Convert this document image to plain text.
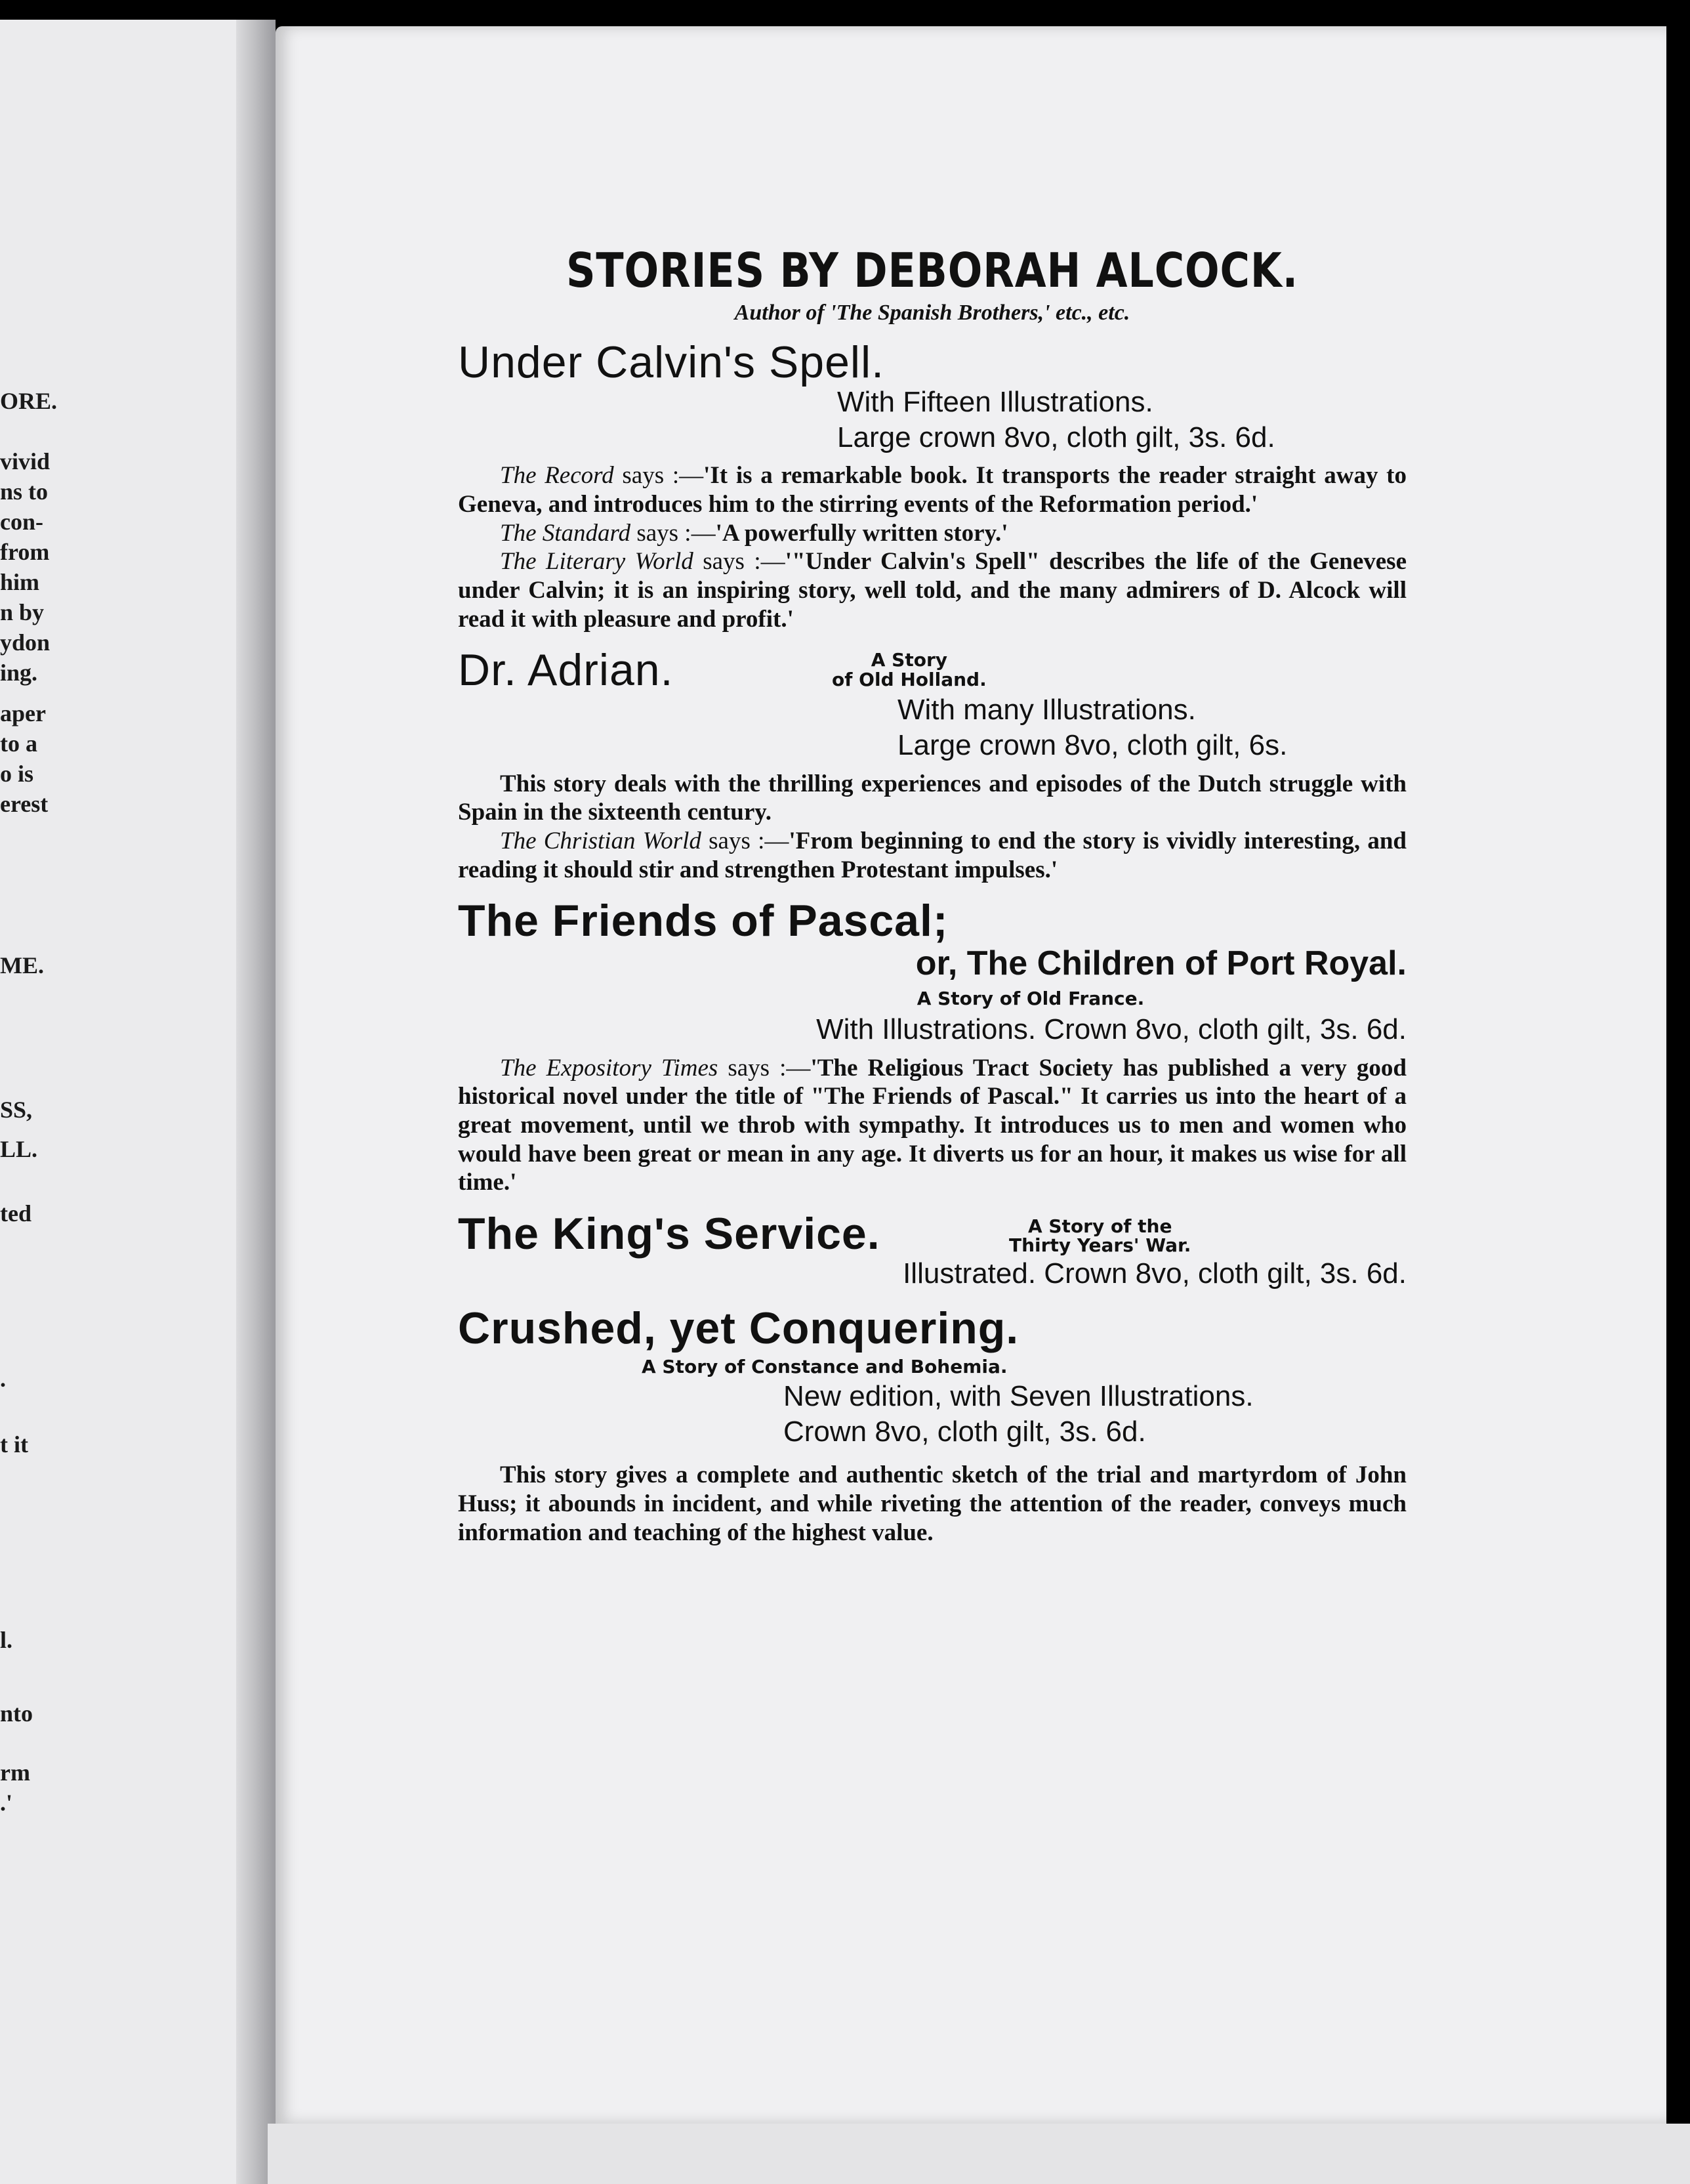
ORE.
vivid
ns to
con-
from
him
n by
ydon
ing.
aper
to a
o is
erest
ME.
SS,
LL.
ted
.
t it
l.
nto
rm
.'
STORIES BY DEBORAH ALCOCK.
Author of 'The Spanish Brothers,' etc., etc.
Under Calvin's Spell.
With Fifteen Illustrations.
Large crown 8vo, cloth gilt, 3s. 6d.

The Record says :—'It is a remarkable book. It transports the reader straight away to Geneva, and introduces him to the stirring events of the Reformation period.'

The Standard says :—'A powerfully written story.'

The Literary World says :—'"Under Calvin's Spell" describes the life of the Genevese under Calvin; it is an inspiring story, well told, and the many admirers of D. Alcock will read it with pleasure and profit.'

Dr. Adrian.	A Story
of Old Holland.
With many Illustrations.
Large crown 8vo, cloth gilt, 6s.

This story deals with the thrilling experiences and episodes of the Dutch struggle with Spain in the sixteenth century.

The Christian World says :—'From beginning to end the story is vividly interesting, and reading it should stir and strengthen Protestant impulses.'

The Friends of Pascal;
or, The Children of Port Royal.
A Story of Old France.
With Illustrations. Crown 8vo, cloth gilt, 3s. 6d.

The Expository Times says :—'The Religious Tract Society has published a very good historical novel under the title of "The Friends of Pascal." It carries us into the heart of a great movement, until we throb with sympathy. It introduces us to men and women who would have been great or mean in any age. It diverts us for an hour, it makes us wise for all time.'

The King's Service.	A Story of the
Thirty Years' War.
Illustrated. Crown 8vo, cloth gilt, 3s. 6d.
Crushed, yet Conquering.
A Story of Constance and Bohemia.
New edition, with Seven Illustrations.
Crown 8vo, cloth gilt, 3s. 6d.

This story gives a complete and authentic sketch of the trial and martyrdom of John Huss; it abounds in incident, and while riveting the attention of the reader, conveys much information and teaching of the highest value.
